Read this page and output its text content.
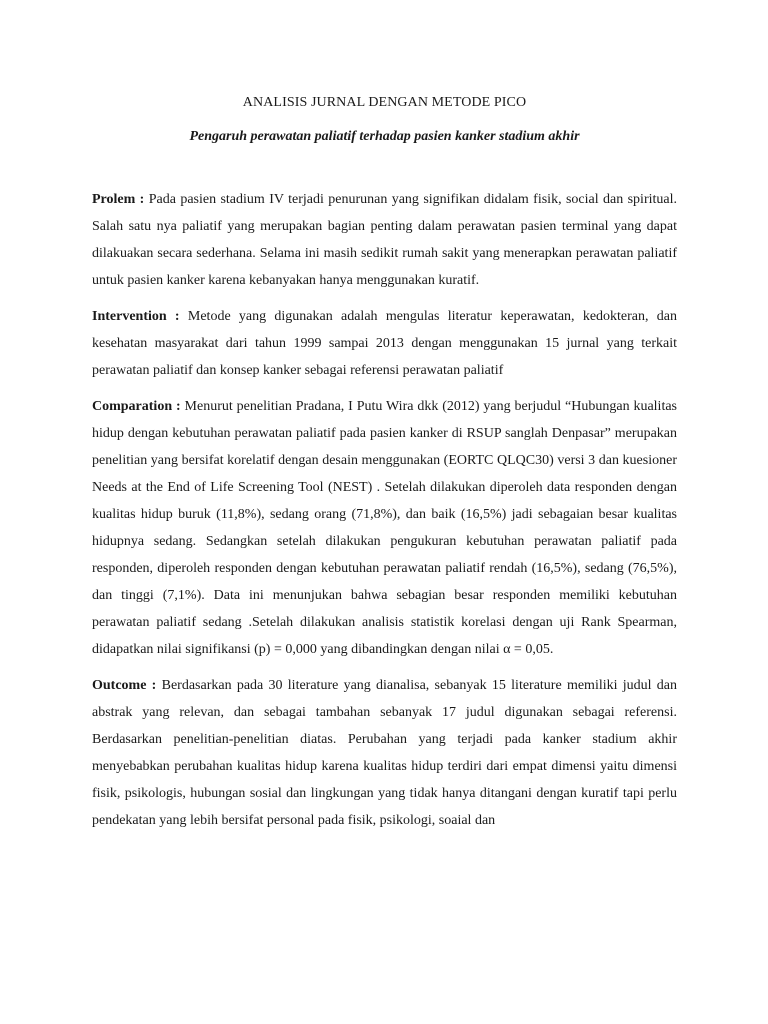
ANALISIS JURNAL DENGAN METODE PICO
Pengaruh perawatan paliatif terhadap pasien kanker stadium akhir

Prolem : Pada pasien stadium IV terjadi penurunan yang signifikan didalam fisik, social dan spiritual. Salah satu nya paliatif yang merupakan bagian penting dalam perawatan pasien terminal yang dapat dilakuakan secara sederhana. Selama ini masih sedikit rumah sakit yang menerapkan perawatan paliatif untuk pasien kanker karena kebanyakan hanya menggunakan kuratif.

Intervention : Metode yang digunakan adalah mengulas literatur keperawatan, kedokteran, dan kesehatan masyarakat dari tahun 1999 sampai 2013 dengan menggunakan 15 jurnal yang terkait perawatan paliatif dan konsep kanker sebagai referensi perawatan paliatif

Comparation : Menurut penelitian Pradana, I Putu Wira dkk (2012) yang berjudul “Hubungan kualitas hidup dengan kebutuhan perawatan paliatif pada pasien kanker di RSUP sanglah Denpasar” merupakan penelitian yang bersifat korelatif dengan desain menggunakan (EORTC QLQC30) versi 3 dan kuesioner Needs at the End of Life Screening Tool (NEST) . Setelah dilakukan diperoleh data responden dengan kualitas hidup buruk (11,8%), sedang orang (71,8%), dan baik (16,5%) jadi sebagaian besar kualitas hidupnya sedang. Sedangkan setelah dilakukan pengukuran kebutuhan perawatan paliatif pada responden, diperoleh responden dengan kebutuhan perawatan paliatif rendah (16,5%), sedang (76,5%), dan tinggi (7,1%). Data ini menunjukan bahwa sebagian besar responden memiliki kebutuhan perawatan paliatif sedang .Setelah dilakukan analisis statistik korelasi dengan uji Rank Spearman, didapatkan nilai signifikansi (p) = 0,000 yang dibandingkan dengan nilai α = 0,05.

Outcome : Berdasarkan pada 30 literature yang dianalisa, sebanyak 15 literature memiliki judul dan abstrak yang relevan, dan sebagai tambahan sebanyak 17 judul digunakan sebagai referensi. Berdasarkan penelitian-penelitian diatas. Perubahan yang terjadi pada kanker stadium akhir menyebabkan perubahan kualitas hidup karena kualitas hidup terdiri dari empat dimensi yaitu dimensi fisik, psikologis, hubungan sosial dan lingkungan yang tidak hanya ditangani dengan kuratif tapi perlu pendekatan yang lebih bersifat personal pada fisik, psikologi, soaial dan
